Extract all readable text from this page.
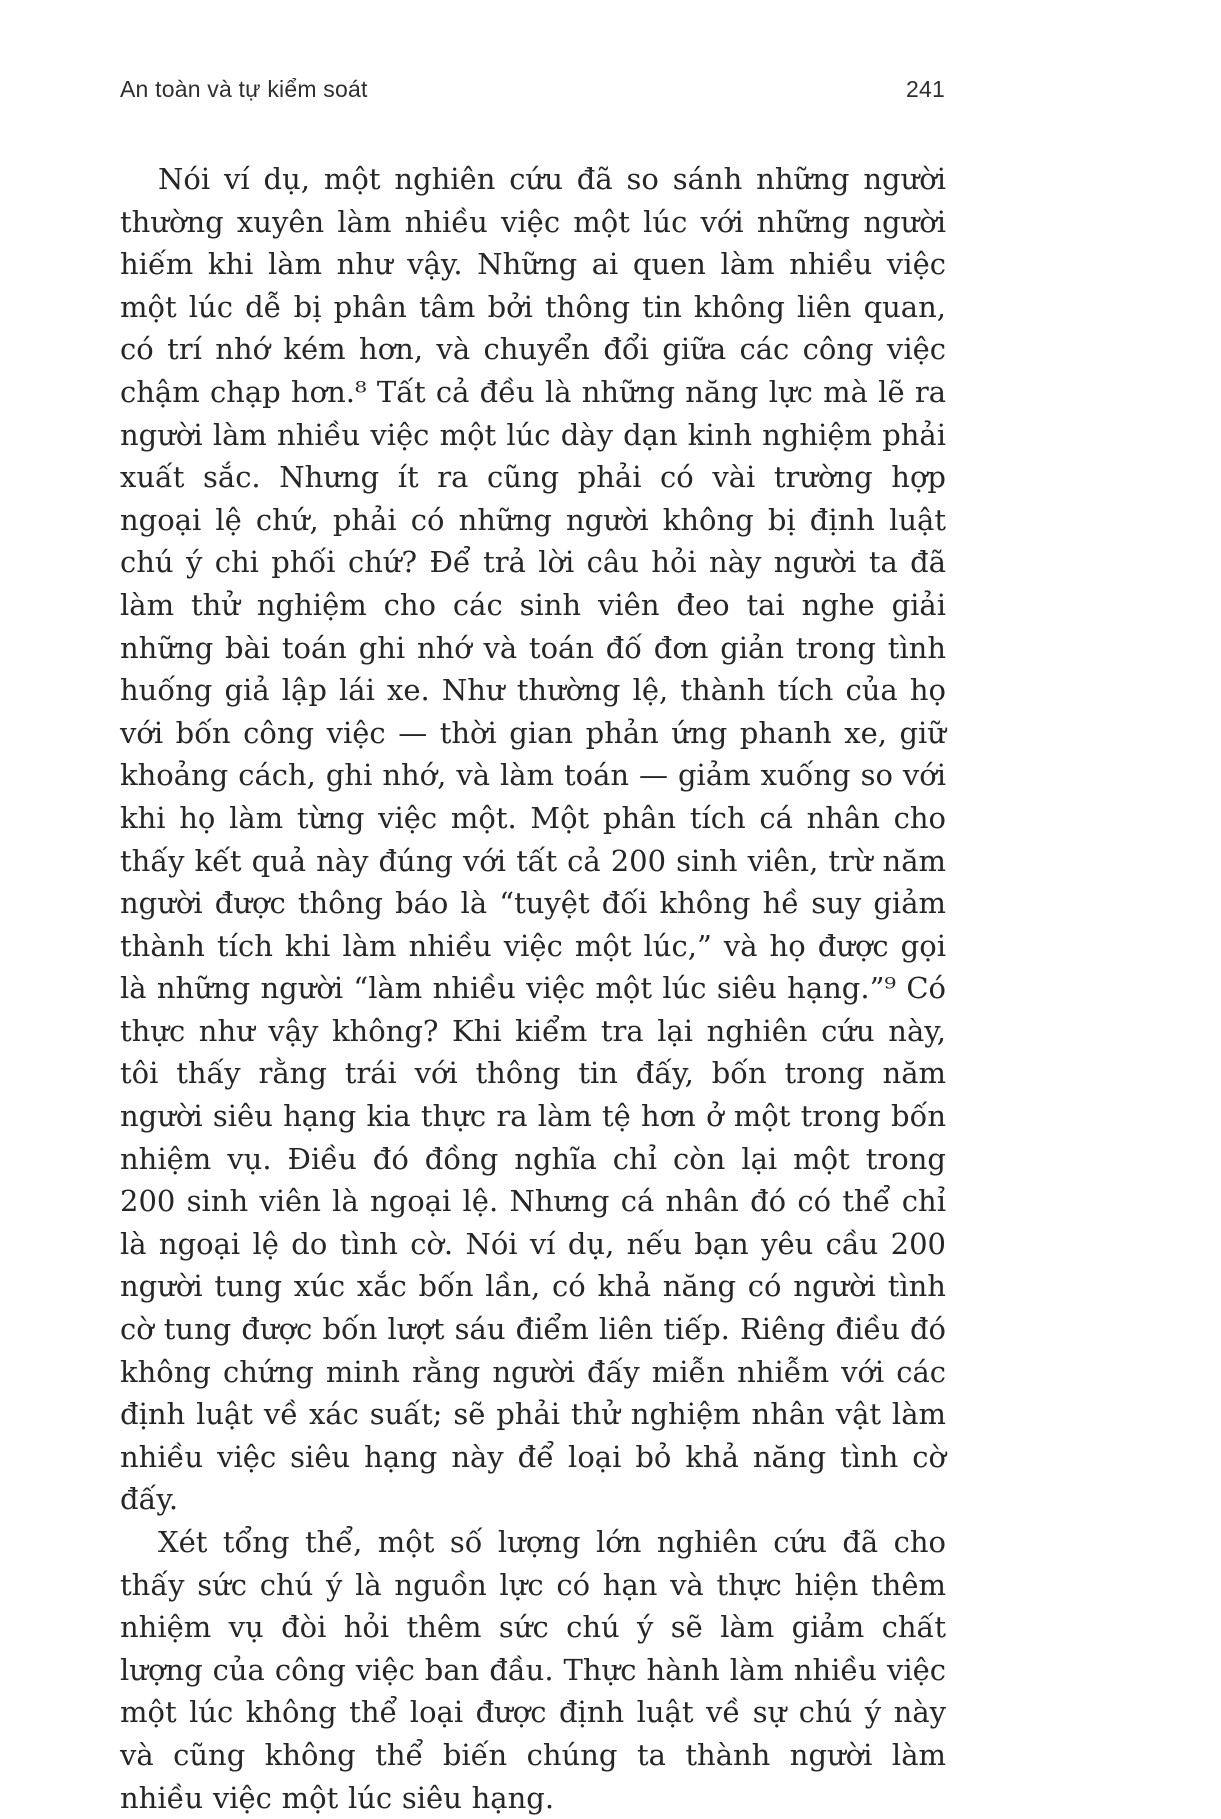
An toàn và tự kiểm soát	241

Nói ví dụ, một nghiên cứu đã so sánh những người thường xuyên làm nhiều việc một lúc với những người hiếm khi làm như vậy. Những ai quen làm nhiều việc một lúc dễ bị phân tâm bởi thông tin không liên quan, có trí nhớ kém hơn, và chuyển đổi giữa các công việc chậm chạp hơn.⁸ Tất cả đều là những năng lực mà lẽ ra người làm nhiều việc một lúc dày dạn kinh nghiệm phải xuất sắc. Nhưng ít ra cũng phải có vài trường hợp ngoại lệ chứ, phải có những người không bị định luật chú ý chi phối chứ? Để trả lời câu hỏi này người ta đã làm thử nghiệm cho các sinh viên đeo tai nghe giải những bài toán ghi nhớ và toán đố đơn giản trong tình huống giả lập lái xe. Như thường lệ, thành tích của họ với bốn công việc — thời gian phản ứng phanh xe, giữ khoảng cách, ghi nhớ, và làm toán — giảm xuống so với khi họ làm từng việc một. Một phân tích cá nhân cho thấy kết quả này đúng với tất cả 200 sinh viên, trừ năm người được thông báo là “tuyệt đối không hề suy giảm thành tích khi làm nhiều việc một lúc,” và họ được gọi là những người “làm nhiều việc một lúc siêu hạng.”⁹ Có thực như vậy không? Khi kiểm tra lại nghiên cứu này, tôi thấy rằng trái với thông tin đấy, bốn trong năm người siêu hạng kia thực ra làm tệ hơn ở một trong bốn nhiệm vụ. Điều đó đồng nghĩa chỉ còn lại một trong 200 sinh viên là ngoại lệ. Nhưng cá nhân đó có thể chỉ là ngoại lệ do tình cờ. Nói ví dụ, nếu bạn yêu cầu 200 người tung xúc xắc bốn lần, có khả năng có người tình cờ tung được bốn lượt sáu điểm liên tiếp. Riêng điều đó không chứng minh rằng người đấy miễn nhiễm với các định luật về xác suất; sẽ phải thử nghiệm nhân vật làm nhiều việc siêu hạng này để loại bỏ khả năng tình cờ đấy.

Xét tổng thể, một số lượng lớn nghiên cứu đã cho thấy sức chú ý là nguồn lực có hạn và thực hiện thêm nhiệm vụ đòi hỏi thêm sức chú ý sẽ làm giảm chất lượng của công việc ban đầu. Thực hành làm nhiều việc một lúc không thể loại được định luật về sự chú ý này và cũng không thể biến chúng ta thành người làm nhiều việc một lúc siêu hạng.
